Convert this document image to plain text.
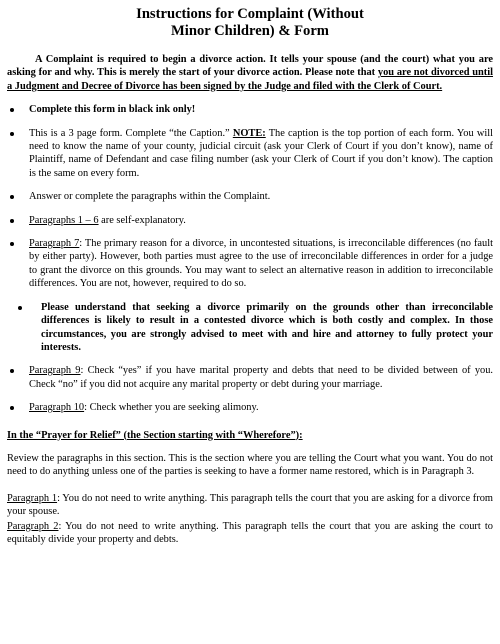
Instructions for Complaint (Without
Minor Children) & Form
A Complaint is required to begin a divorce action. It tells your spouse (and the court) what you are asking for and why. This is merely the start of your divorce action. Please note that you are not divorced until a Judgment and Decree of Divorce has been signed by the Judge and filed with the Clerk of Court.
Complete this form in black ink only!
This is a 3 page form. Complete “the Caption.” NOTE: The caption is the top portion of each form. You will need to know the name of your county, judicial circuit (ask your Clerk of Court if you don’t know), name of Plaintiff, name of Defendant and case filing number (ask your Clerk of Court if you don’t know). The caption is the same on every form.
Answer or complete the paragraphs within the Complaint.
Paragraphs 1 – 6 are self-explanatory.
Paragraph 7: The primary reason for a divorce, in uncontested situations, is irreconcilable differences (no fault by either party). However, both parties must agree to the use of irreconcilable differences in order for a judge to grant the divorce on this grounds. You may want to select an alternative reason in addition to irreconcilable differences. You are not, however, required to do so.
Please understand that seeking a divorce primarily on the grounds other than irreconcilable differences is likely to result in a contested divorce which is both costly and complex. In those circumstances, you are strongly advised to meet with and hire and attorney to fully protect your interests.
Paragraph 9: Check “yes” if you have marital property and debts that need to be divided between of you. Check “no” if you did not acquire any marital property or debt during your marriage.
Paragraph 10: Check whether you are seeking alimony.
In the “Prayer for Relief” (the Section starting with “Wherefore”):
Review the paragraphs in this section. This is the section where you are telling the Court what you want. You do not need to do anything unless one of the parties is seeking to have a former name restored, which is in Paragraph 3.
Paragraph 1: You do not need to write anything. This paragraph tells the court that you are asking for a divorce from your spouse.
Paragraph 2: You do not need to write anything. This paragraph tells the court that you are asking the court to equitably divide your property and debts.
